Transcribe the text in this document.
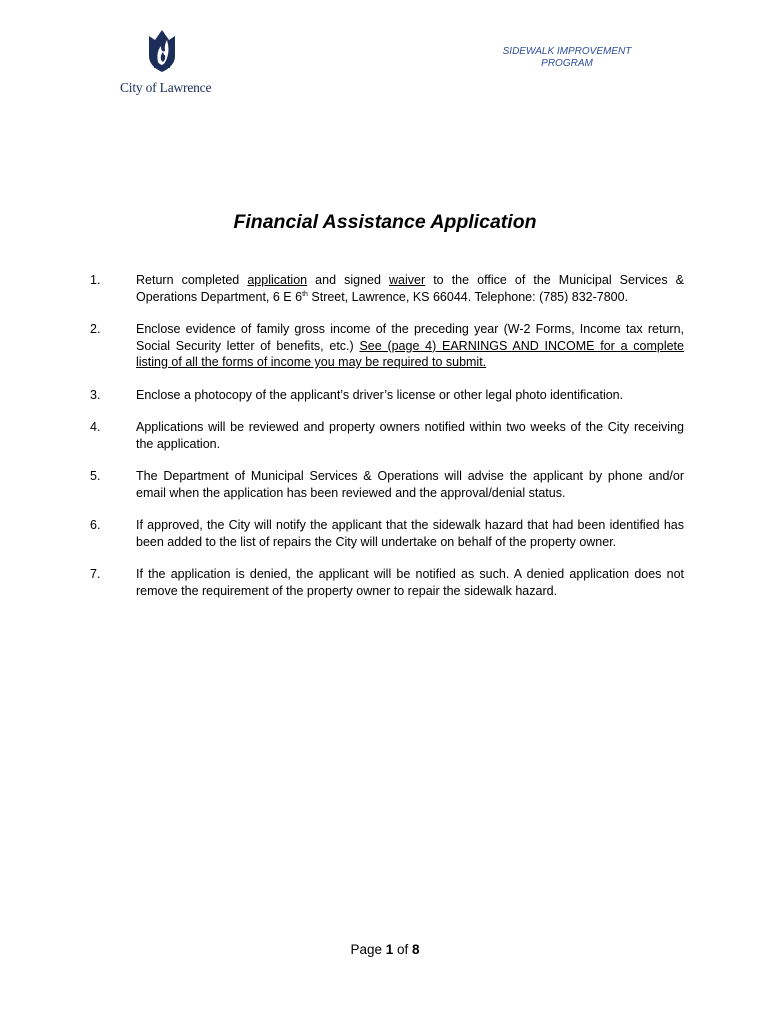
City of Lawrence
SIDEWALK IMPROVEMENT
PROGRAM
Financial Assistance Application
1.	Return completed application and signed waiver to the office of the Municipal Services & Operations Department, 6 E 6th Street, Lawrence, KS 66044. Telephone: (785) 832-7800.
2.	Enclose evidence of family gross income of the preceding year (W-2 Forms, Income tax return, Social Security letter of benefits, etc.) See (page 4) EARNINGS AND INCOME for a complete listing of all the forms of income you may be required to submit.
3.	Enclose a photocopy of the applicant’s driver’s license or other legal photo identification.
4.	Applications will be reviewed and property owners notified within two weeks of the City receiving the application.
5.	The Department of Municipal Services & Operations will advise the applicant by phone and/or email when the application has been reviewed and the approval/denial status.
6.	If approved, the City will notify the applicant that the sidewalk hazard that had been identified has been added to the list of repairs the City will undertake on behalf of the property owner.
7.	If the application is denied, the applicant will be notified as such. A denied application does not remove the requirement of the property owner to repair the sidewalk hazard.
Page 1 of 8
